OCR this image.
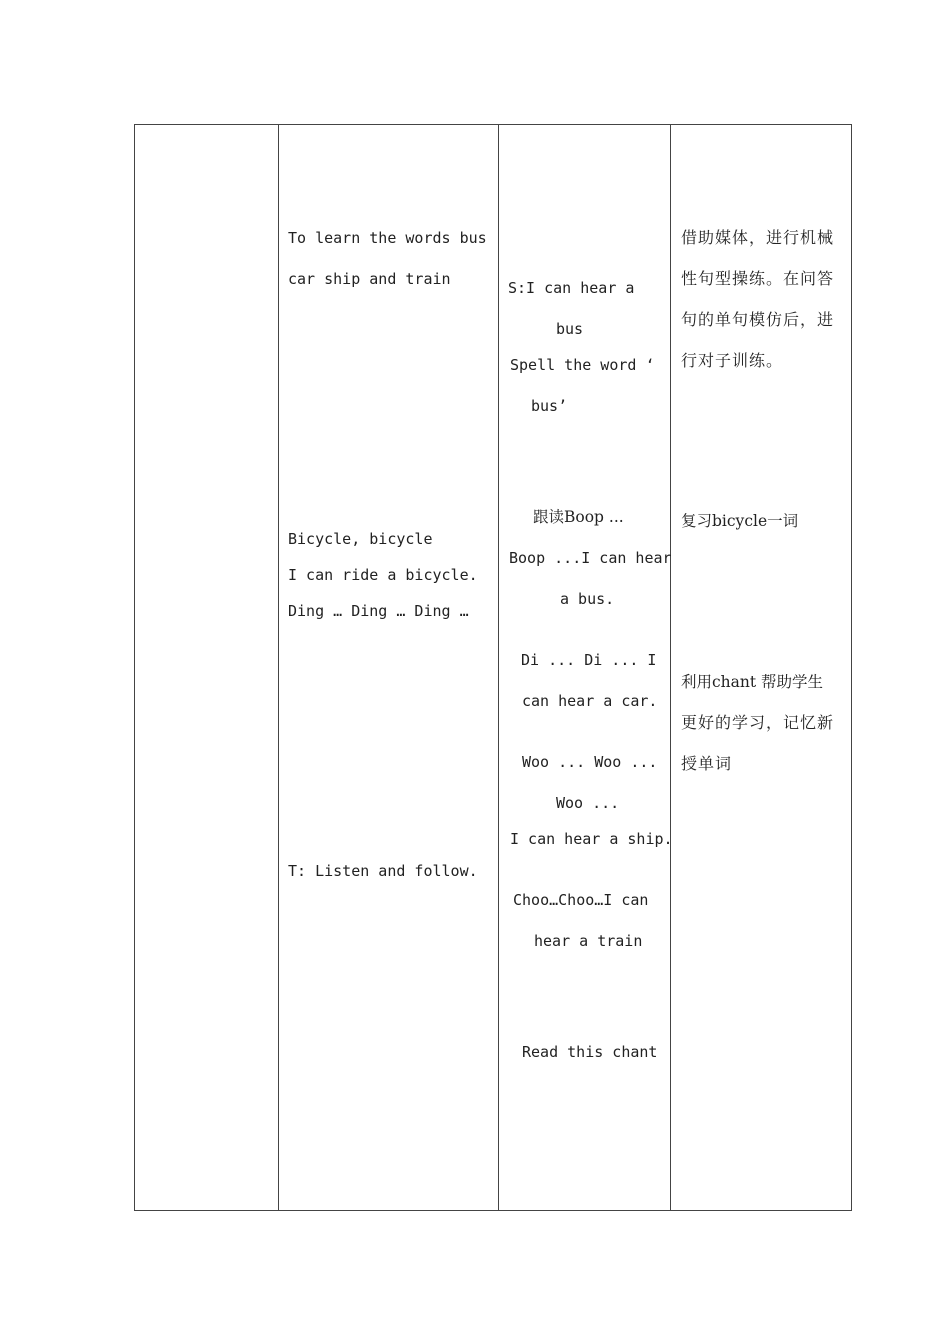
To learn the words bus
car ship and train
Bicycle, bicycle
I can ride a bicycle.
Ding … Ding … Ding …
T: Listen and follow.
S:I can hear a
bus
Spell the word ‘
bus’
跟读Boop ...
Boop ...I can hear
a bus.
Di ... Di ... I
can hear a car.
Woo ... Woo ...
Woo ...
I can hear a ship.
Choo…Choo…I can
hear a train
Read this chant
借助媒体，进行机械
性句型操练。在问答
句的单句模仿后，进
行对子训练。
复习bicycle一词
利用chant 帮助学生
更好的学习，记忆新
授单词
